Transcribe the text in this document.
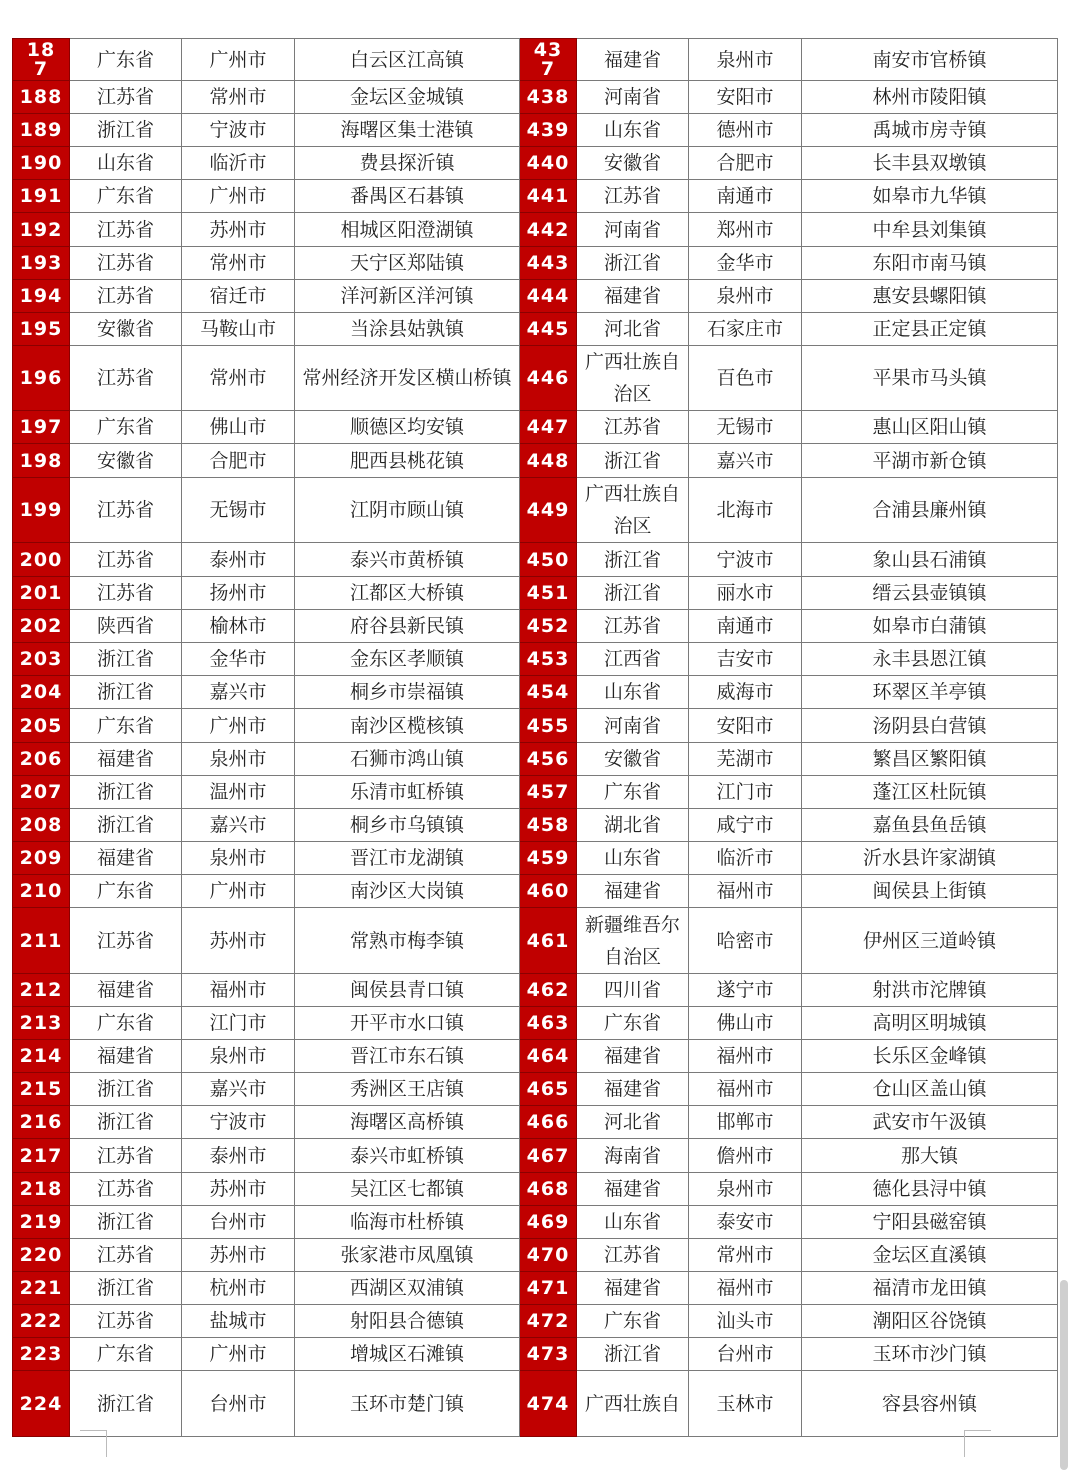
187	广东省	广州市	白云区江高镇	437	福建省	泉州市	南安市官桥镇
188	江苏省	常州市	金坛区金城镇	438	河南省	安阳市	林州市陵阳镇
189	浙江省	宁波市	海曙区集士港镇	439	山东省	德州市	禹城市房寺镇
190	山东省	临沂市	费县探沂镇	440	安徽省	合肥市	长丰县双墩镇
191	广东省	广州市	番禺区石碁镇	441	江苏省	南通市	如皋市九华镇
192	江苏省	苏州市	相城区阳澄湖镇	442	河南省	郑州市	中牟县刘集镇
193	江苏省	常州市	天宁区郑陆镇	443	浙江省	金华市	东阳市南马镇
194	江苏省	宿迁市	洋河新区洋河镇	444	福建省	泉州市	惠安县螺阳镇
195	安徽省	马鞍山市	当涂县姑孰镇	445	河北省	石家庄市	正定县正定镇
196	江苏省	常州市	常州经济开发区横山桥镇	446	广西壮族自治区	百色市	平果市马头镇
197	广东省	佛山市	顺德区均安镇	447	江苏省	无锡市	惠山区阳山镇
198	安徽省	合肥市	肥西县桃花镇	448	浙江省	嘉兴市	平湖市新仓镇
199	江苏省	无锡市	江阴市顾山镇	449	广西壮族自治区	北海市	合浦县廉州镇
200	江苏省	泰州市	泰兴市黄桥镇	450	浙江省	宁波市	象山县石浦镇
201	江苏省	扬州市	江都区大桥镇	451	浙江省	丽水市	缙云县壶镇镇
202	陕西省	榆林市	府谷县新民镇	452	江苏省	南通市	如皋市白蒲镇
203	浙江省	金华市	金东区孝顺镇	453	江西省	吉安市	永丰县恩江镇
204	浙江省	嘉兴市	桐乡市崇福镇	454	山东省	威海市	环翠区羊亭镇
205	广东省	广州市	南沙区榄核镇	455	河南省	安阳市	汤阴县白营镇
206	福建省	泉州市	石狮市鸿山镇	456	安徽省	芜湖市	繁昌区繁阳镇
207	浙江省	温州市	乐清市虹桥镇	457	广东省	江门市	蓬江区杜阮镇
208	浙江省	嘉兴市	桐乡市乌镇镇	458	湖北省	咸宁市	嘉鱼县鱼岳镇
209	福建省	泉州市	晋江市龙湖镇	459	山东省	临沂市	沂水县许家湖镇
210	广东省	广州市	南沙区大岗镇	460	福建省	福州市	闽侯县上街镇
211	江苏省	苏州市	常熟市梅李镇	461	新疆维吾尔自治区	哈密市	伊州区三道岭镇
212	福建省	福州市	闽侯县青口镇	462	四川省	遂宁市	射洪市沱牌镇
213	广东省	江门市	开平市水口镇	463	广东省	佛山市	高明区明城镇
214	福建省	泉州市	晋江市东石镇	464	福建省	福州市	长乐区金峰镇
215	浙江省	嘉兴市	秀洲区王店镇	465	福建省	福州市	仓山区盖山镇
216	浙江省	宁波市	海曙区高桥镇	466	河北省	邯郸市	武安市午汲镇
217	江苏省	泰州市	泰兴市虹桥镇	467	海南省	儋州市	那大镇
218	江苏省	苏州市	吴江区七都镇	468	福建省	泉州市	德化县浔中镇
219	浙江省	台州市	临海市杜桥镇	469	山东省	泰安市	宁阳县磁窑镇
220	江苏省	苏州市	张家港市凤凰镇	470	江苏省	常州市	金坛区直溪镇
221	浙江省	杭州市	西湖区双浦镇	471	福建省	福州市	福清市龙田镇
222	江苏省	盐城市	射阳县合德镇	472	广东省	汕头市	潮阳区谷饶镇
223	广东省	广州市	增城区石滩镇	473	浙江省	台州市	玉环市沙门镇
224	浙江省	台州市	玉环市楚门镇	474	广西壮族自	玉林市	容县容州镇
